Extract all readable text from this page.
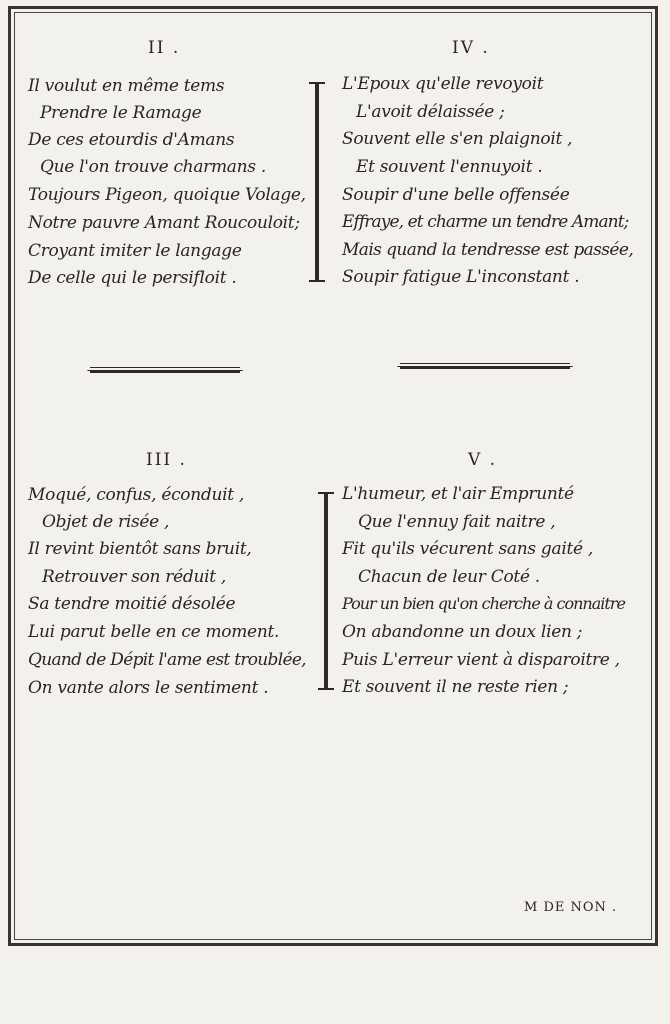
II .
Il voulut en même tems
Prendre le Ramage
De ces etourdis d'Amans
Que l'on trouve charmans .
Toujours Pigeon, quoique Volage,
Notre pauvre Amant Roucouloit;
Croyant imiter le langage
De celle qui le persifloit .
IV .
L'Epoux qu'elle revoyoit
L'avoit délaissée ;
Souvent elle s'en plaignoit ,
Et souvent l'ennuyoit .
Soupir d'une belle offensée
Effraye, et charme un tendre Amant;
Mais quand la tendresse est passée,
Soupir fatigue L'inconstant .
III .
Moqué, confus, éconduit ,
Objet de risée ,
Il revint bientôt sans bruit,
Retrouver son réduit ,
Sa tendre moitié désolée
Lui parut belle en ce moment.
Quand de Dépit l'ame est troublée,
On vante alors le sentiment .
V .
L'humeur, et l'air Emprunté
Que l'ennuy fait naitre ,
Fit qu'ils vécurent sans gaité ,
Chacun de leur Coté .
Pour un bien qu'on cherche à connaitre
On abandonne un doux lien ;
Puis L'erreur vient à disparoitre ,
Et souvent il ne reste rien ;
M DE NON .
